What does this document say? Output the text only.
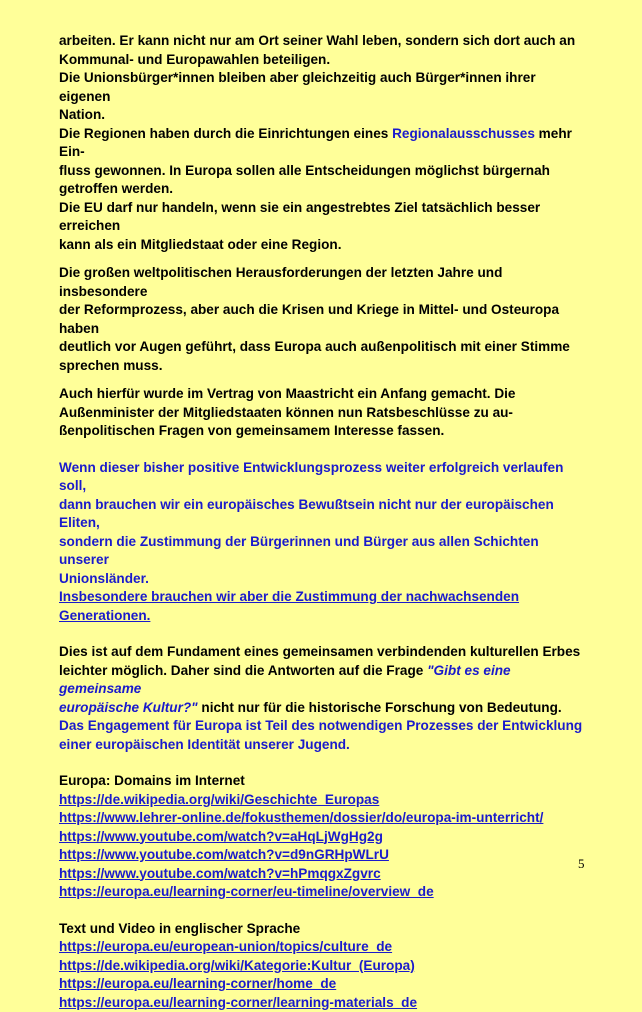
arbeiten. Er kann nicht nur am Ort seiner Wahl leben, sondern sich dort auch an
Kommunal- und Europawahlen beteiligen.

Die Unionsbürger*innen bleiben aber gleichzeitig auch Bürger*innen ihrer eigenen
Nation.

Die Regionen haben durch die Einrichtungen eines Regionalausschusses mehr Ein-
fluss gewonnen. In Europa sollen alle Entscheidungen möglichst bürgernah
getroffen werden.

Die EU darf nur handeln, wenn sie ein angestrebtes Ziel tatsächlich besser erreichen
kann als ein Mitgliedstaat oder eine Region.

Die großen weltpolitischen Herausforderungen der letzten Jahre und insbesondere
der Reformprozess, aber auch die Krisen und Kriege in Mittel- und Osteuropa haben
deutlich vor Augen geführt, dass Europa auch außenpolitisch mit einer Stimme
sprechen muss.

Auch hierfür wurde im Vertrag von Maastricht ein Anfang gemacht. Die
Außenminister der Mitgliedstaaten können nun Ratsbeschlüsse zu au-
ßenpolitischen Fragen von gemeinsamem Interesse fassen.

Wenn dieser bisher positive Entwicklungsprozess weiter erfolgreich verlaufen soll,
dann brauchen wir ein europäisches Bewußtsein nicht nur der europäischen Eliten,
sondern die Zustimmung der Bürgerinnen und Bürger aus allen Schichten unserer
Unionsländer.

Insbesondere brauchen wir aber die Zustimmung der nachwachsenden
Generationen.

Dies ist auf dem Fundament eines gemeinsamen verbindenden kulturellen Erbes
leichter möglich. Daher sind die Antworten auf die Frage "Gibt es eine gemeinsame
europäische Kultur?" nicht nur für die historische Forschung von Bedeutung.

Das Engagement für Europa ist Teil des notwendigen Prozesses der Entwicklung
einer europäischen Identität unserer Jugend.

Europa: Domains im Internet

https://de.wikipedia.org/wiki/Geschichte_Europas
https://www.lehrer-online.de/fokusthemen/dossier/do/europa-im-unterricht/
https://www.youtube.com/watch?v=aHqLjWgHg2g
https://www.youtube.com/watch?v=d9nGRHpWLrU
https://www.youtube.com/watch?v=hPmqgxZgvrc
https://europa.eu/learning-corner/eu-timeline/overview_de

Text und Video in englischer Sprache

https://europa.eu/european-union/topics/culture_de
https://de.wikipedia.org/wiki/Kategorie:Kultur_(Europa)
https://europa.eu/learning-corner/home_de
https://europa.eu/learning-corner/learning-materials_de
5
